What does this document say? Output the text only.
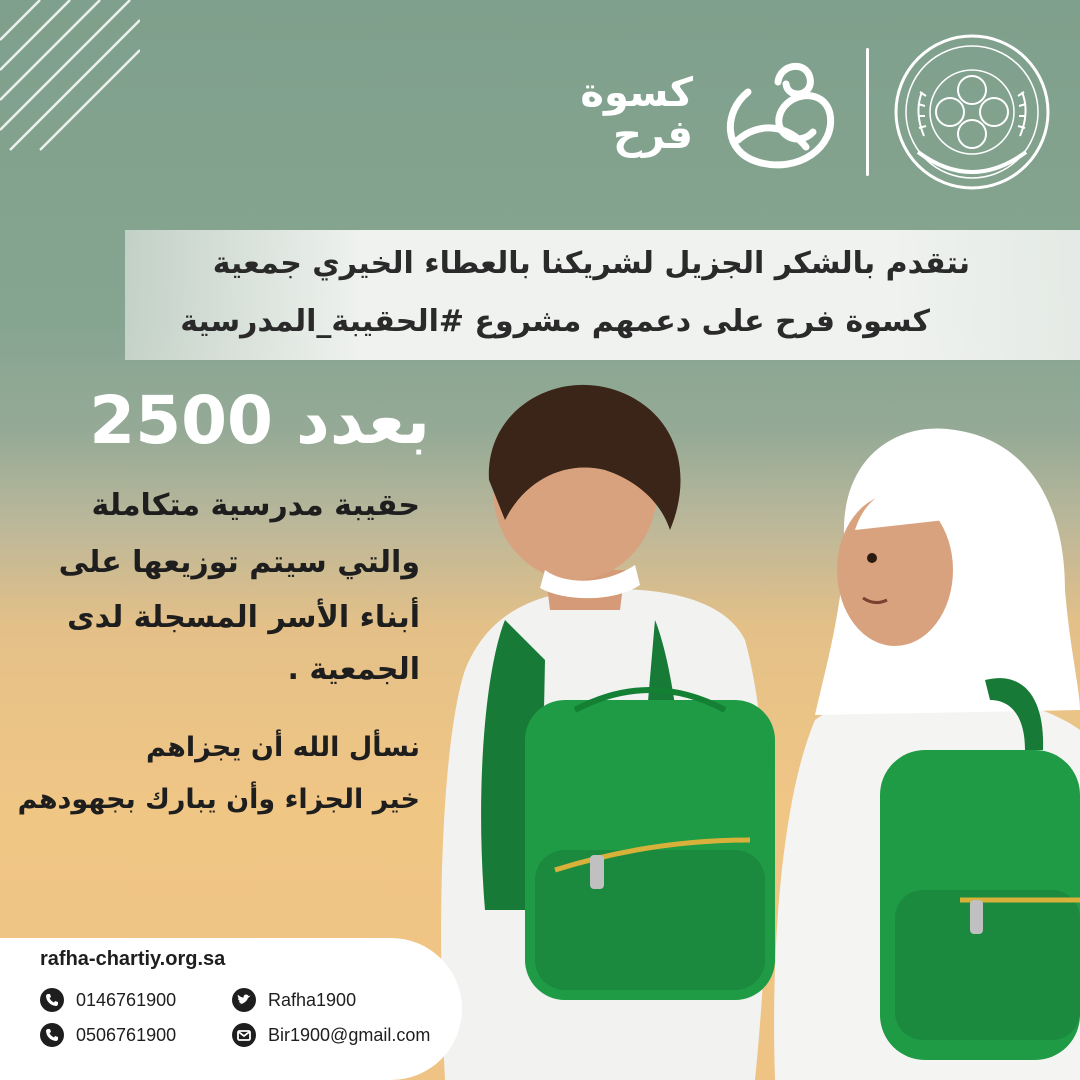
كسوة
فرح
نتقدم بالشكر الجزيل لشريكنا بالعطاء الخيري جمعية
كسوة فرح على دعمهم مشروع #الحقيبة_المدرسية
بعدد 2500
حقيبة مدرسية متكاملة
والتي سيتم توزيعها على
أبناء الأسر المسجلة لدى
الجمعية .
نسأل الله أن يجزاهم
خير الجزاء وأن يبارك بجهودهم
rafha-chartiy.org.sa
0146761900
0506761900
Rafha1900
Bir1900@gmail.com
